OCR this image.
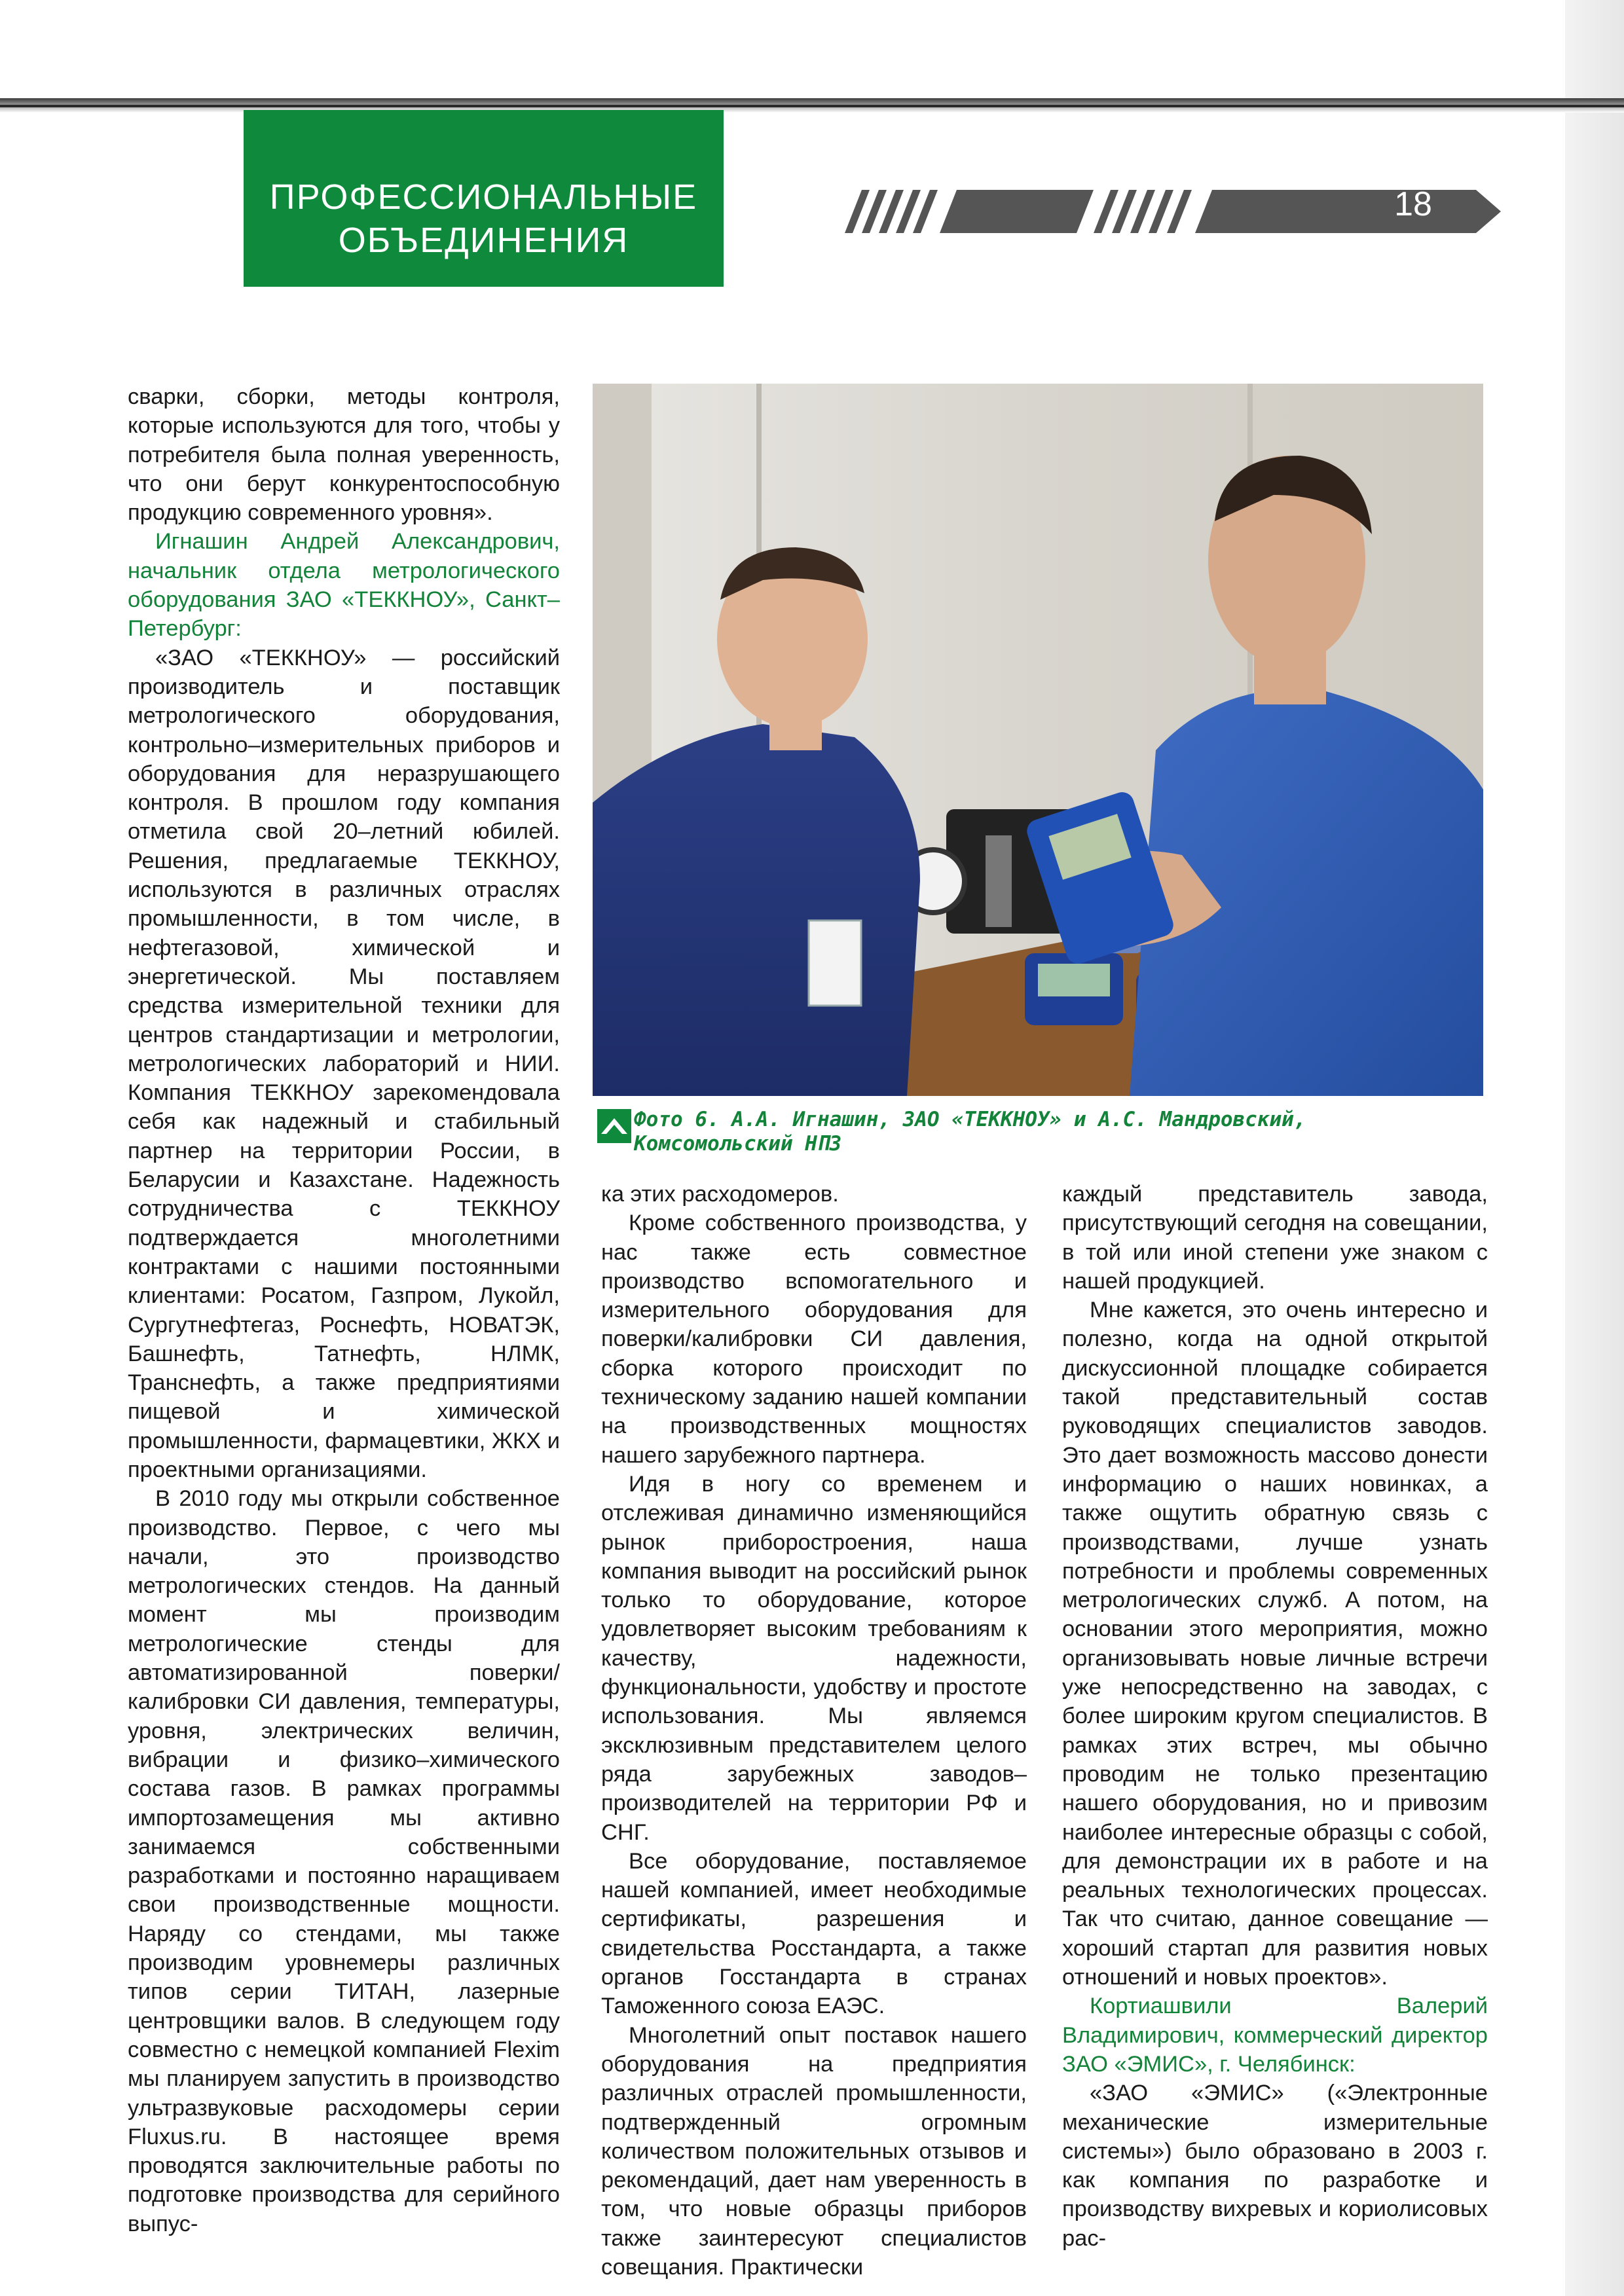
ПРОФЕССИОНАЛЬНЫЕ
ОБЪЕДИНЕНИЯ
18

сварки, сборки, методы контроля, которые используются для того, чтобы у потребителя была полная уверенность, что они берут конкурентоспособную продукцию современного уровня».

Игнашин Андрей Александрович, начальник отдела метрологического оборудования ЗАО «ТЕККНОУ», Санкт–Петербург:

«ЗАО «ТЕККНОУ» — российский производитель и поставщик метрологического оборудования, контрольно–измерительных приборов и оборудования для неразрушающего контроля. В прошлом году компания отметила свой 20–летний юбилей. Решения, предлагаемые ТЕККНОУ, используются в различных отраслях промышленности, в том числе, в нефтегазовой, химической и энергетической. Мы поставляем средства измерительной техники для центров стандартизации и метрологии, метрологических лабораторий и НИИ. Компания ТЕККНОУ зарекомендовала себя как надежный и стабильный партнер на территории России, в Беларусии и Казахстане. Надежность сотрудничества с ТЕККНОУ подтверждается многолетними контрактами с нашими постоянными клиентами: Росатом, Газпром, Лукойл, Сургутнефтегаз, Роснефть, НОВАТЭК, Башнефть, Татнефть, НЛМК, Транснефть, а также предприятиями пищевой и химической промышленности, фармацевтики, ЖКХ и проектными организациями.

В 2010 году мы открыли собственное производство. Первое, с чего мы начали, это производство метрологических стендов. На данный момент мы производим метрологические стенды для автоматизированной поверки/калибровки СИ давления, температуры, уровня, электрических величин, вибрации и физико–химического состава газов. В рамках программы импортозамещения мы активно занимаемся собственными разработками и постоянно наращиваем свои производственные мощности. Наряду со стендами, мы также производим уровнемеры различных типов серии ТИТАН, лазерные центровщики валов. В следующем году совместно с немецкой компанией Flexim мы планируем запустить в производство ультразвуковые расходомеры серии Fluxus.ru. В настоящее время проводятся заключительные работы по подготовке производства для серийного выпус-

Фото 6. А.А. Игнашин, ЗАО «ТЕККНОУ» и А.С. Мандровский,
Комсомольский НПЗ

ка этих расходомеров.

Кроме собственного производства, у нас также есть совместное производство вспомогательного и измерительного оборудования для поверки/калибровки СИ давления, сборка которого происходит по техническому заданию нашей компании на производственных мощностях нашего зарубежного партнера.

Идя в ногу со временем и отслеживая динамично изменяющийся рынок приборостроения, наша компания выводит на российский рынок только то оборудование, которое удовлетворяет высоким требованиям к качеству, надежности, функциональности, удобству и простоте использования. Мы являемся эксклюзивным представителем целого ряда зарубежных заводов–производителей на территории РФ и СНГ.

Все оборудование, поставляемое нашей компанией, имеет необходимые сертификаты, разрешения и свидетельства Росстандарта, а также органов Госстандарта в странах Таможенного союза ЕАЭС.

Многолетний опыт поставок нашего оборудования на предприятия различных отраслей промышленности, подтвержденный огромным количеством положительных отзывов и рекомендаций, дает нам уверенность в том, что новые образцы приборов также заинтересуют специалистов совещания. Практически

каждый представитель завода, присутствующий сегодня на совещании, в той или иной степени уже знаком с нашей продукцией.

Мне кажется, это очень интересно и полезно, когда на одной открытой дискуссионной площадке собирается такой представительный состав руководящих специалистов заводов. Это дает возможность массово донести информацию о наших новинках, а также ощутить обратную связь с производствами, лучше узнать потребности и проблемы современных метрологических служб. А потом, на основании этого мероприятия, можно организовывать новые личные встречи уже непосредственно на заводах, с более широким кругом специалистов. В рамках этих встреч, мы обычно проводим не только презентацию нашего оборудования, но и привозим наиболее интересные образцы с собой, для демонстрации их в работе и на реальных технологических процессах. Так что считаю, данное совещание — хороший стартап для развития новых отношений и новых проектов».

Кортиашвили Валерий Владимирович, коммерческий директор ЗАО «ЭМИС», г. Челябинск:

«ЗАО «ЭМИС» («Электронные механические измерительные системы») было образовано в 2003 г. как компания по разработке и производству вихревых и кориолисовых рас-
